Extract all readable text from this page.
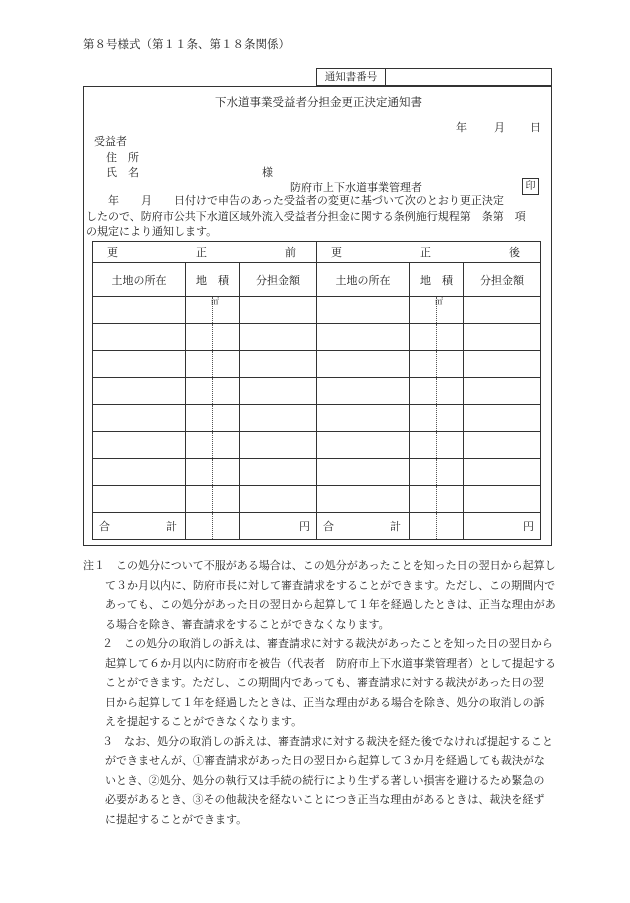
第８号様式（第１１条、第１８条関係）
通知書番号
下水道事業受益者分担金更正決定通知書
年 月 日
受益者
住　所
氏　名	様
防府市上下水道事業管理者	印
　　年　　月　　日付けで申告のあった受益者の変更に基づいて次のとおり更正決定
したので、防府市公共下水道区域外流入受益者分担金に関する条例施行規程第　条第　項
の規定により通知します。
更 正 前		

土地の所在	地　積	分担金額

	㎡	

合 計		円
更 正 後		

土地の所在	地　積	分担金額

	㎡	

合 計		円
注１　この処分について不服がある場合は、この処分があったことを知った日の翌日から起算し
て３か月以内に、防府市長に対して審査請求をすることができます。ただし、この期間内で
あっても、この処分があった日の翌日から起算して１年を経過したときは、正当な理由があ
る場合を除き、審査請求をすることができなくなります。
２　この処分の取消しの訴えは、審査請求に対する裁決があったことを知った日の翌日から
起算して６か月以内に防府市を被告（代表者　防府市上下水道事業管理者）として提起する
ことができます。ただし、この期間内であっても、審査請求に対する裁決があった日の翌
日から起算して１年を経過したときは、正当な理由がある場合を除き、処分の取消しの訴
えを提起することができなくなります。
３　なお、処分の取消しの訴えは、審査請求に対する裁決を経た後でなければ提起すること
ができませんが、①審査請求があった日の翌日から起算して３か月を経過しても裁決がな
いとき、②処分、処分の執行又は手続の続行により生ずる著しい損害を避けるため緊急の
必要があるとき、③その他裁決を経ないことにつき正当な理由があるときは、裁決を経ず
に提起することができます。
